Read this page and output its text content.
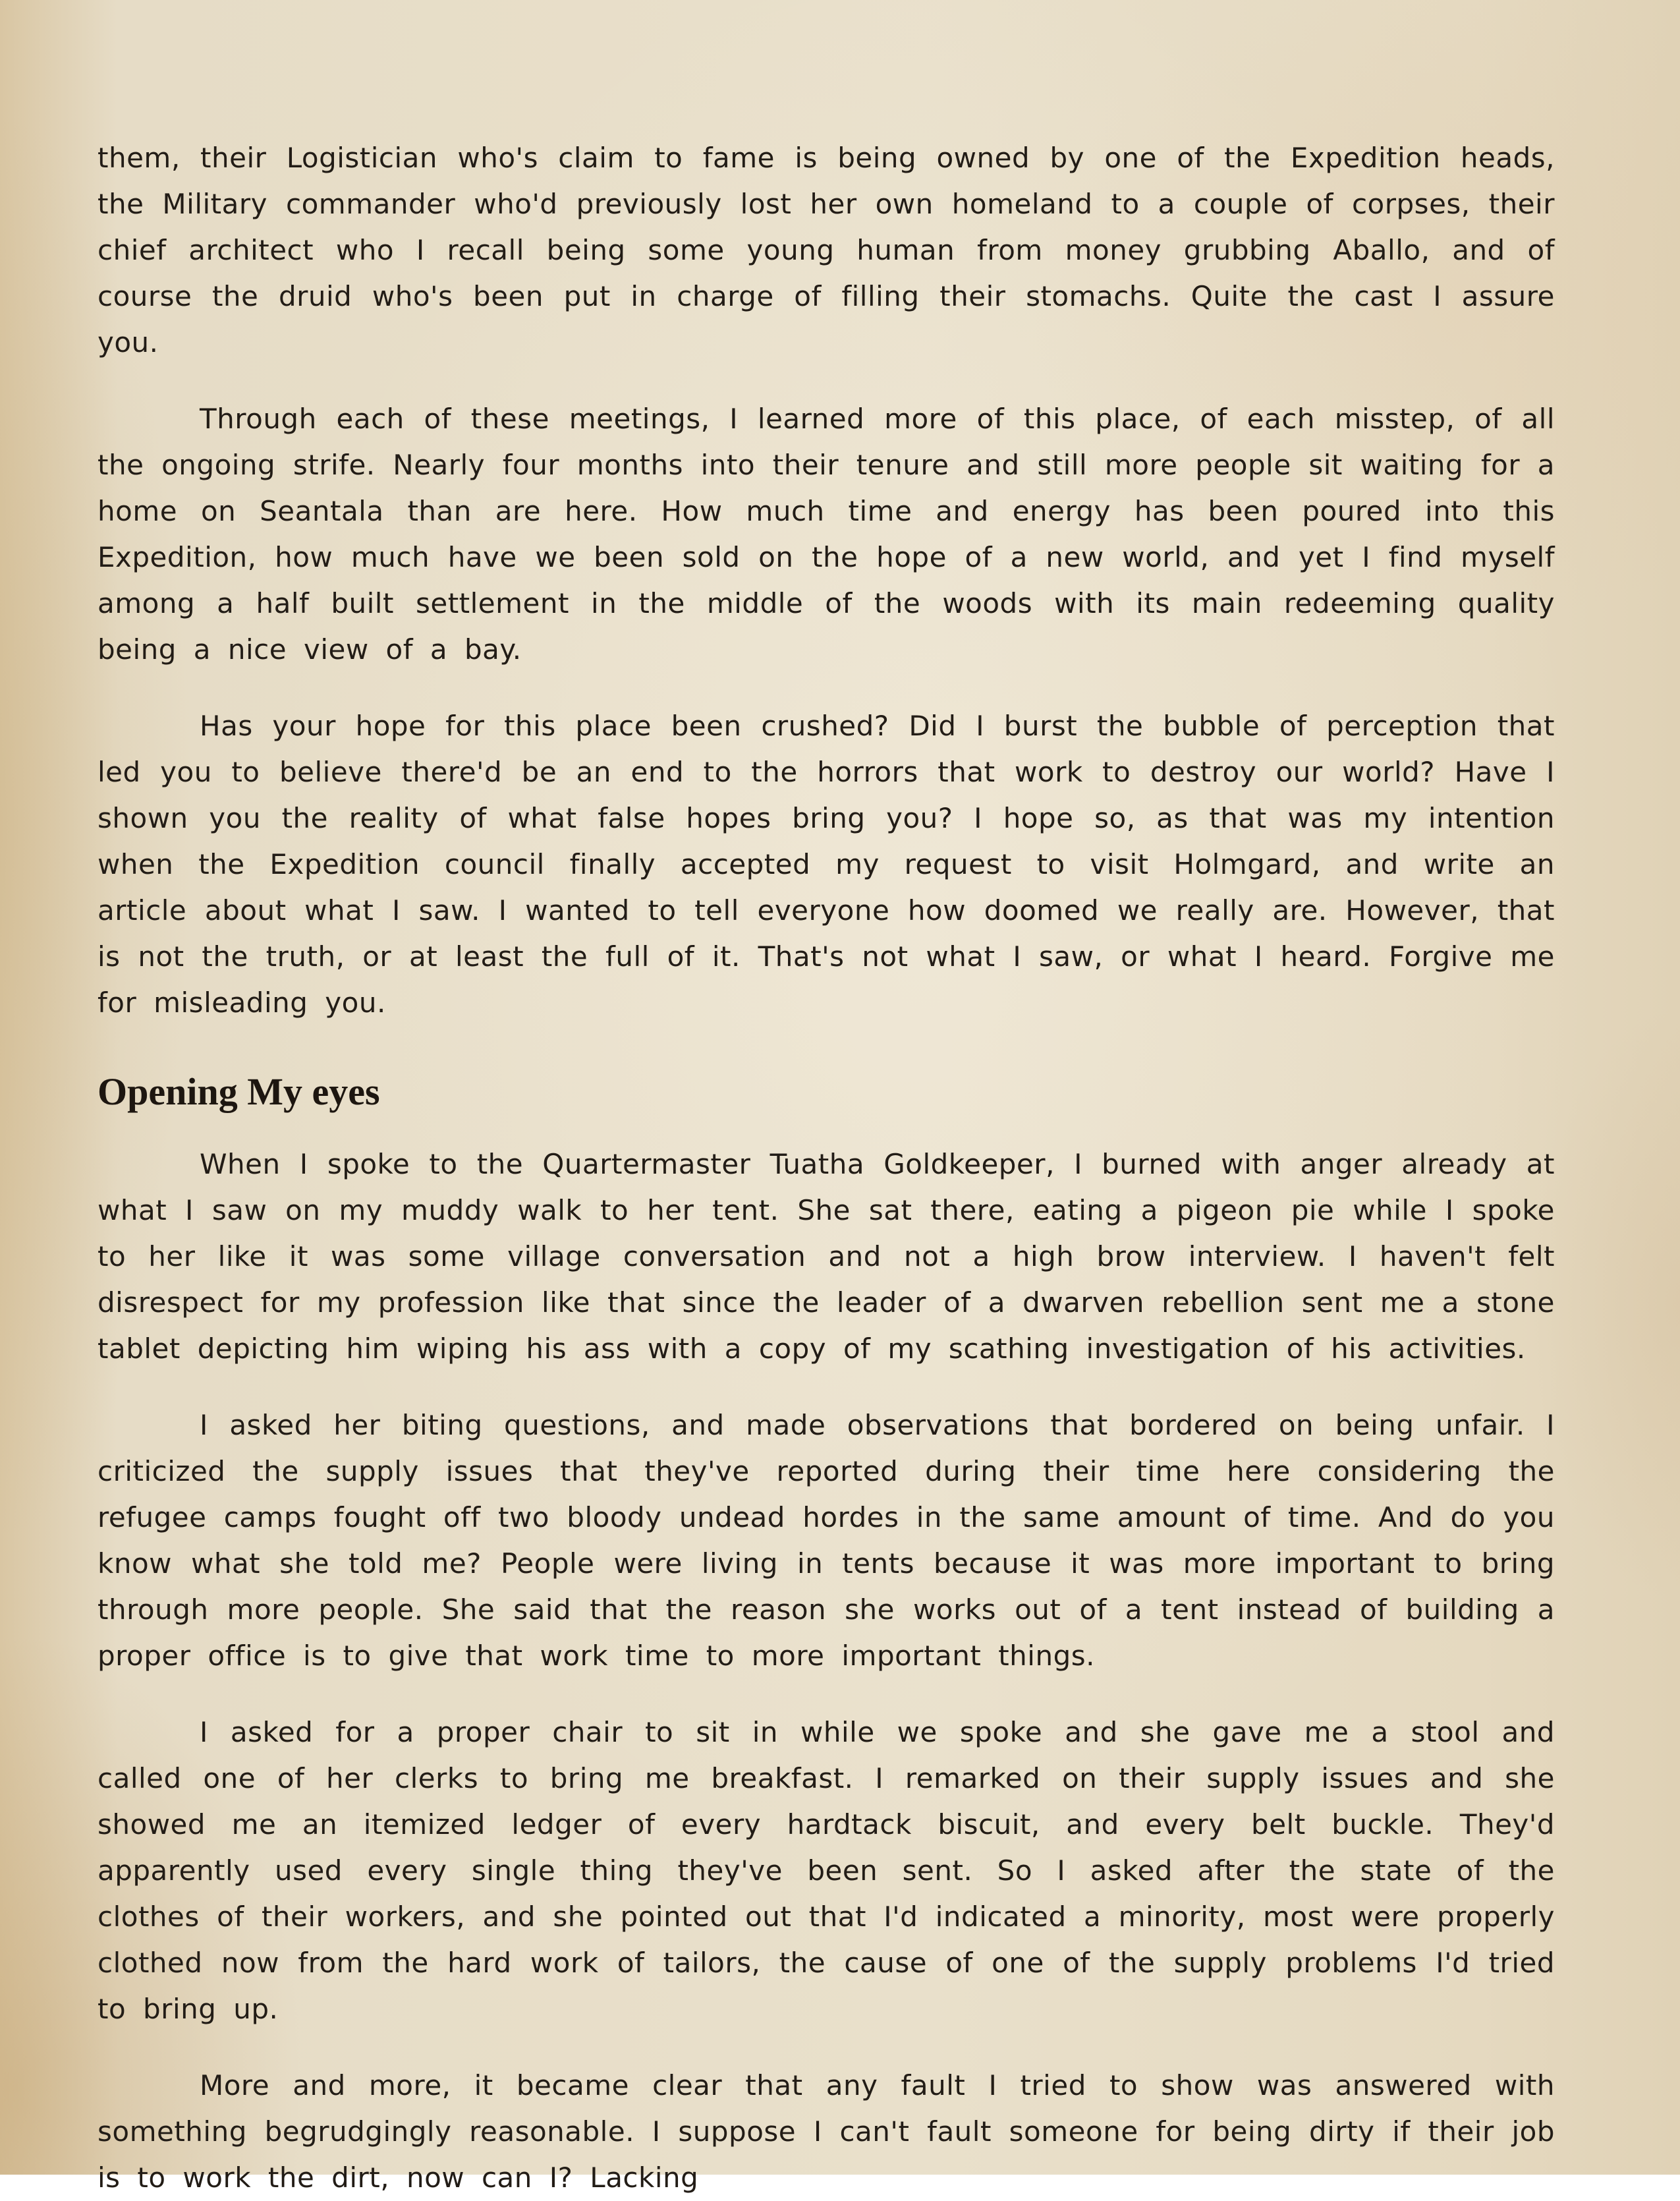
them, their Logistician who's claim to fame is being owned by one of the Expedition heads, the Military commander who'd previously lost her own homeland to a couple of corpses, their chief architect who I recall being some young human from money grubbing Aballo, and of course the druid who's been put in charge of filling their stomachs. Quite the cast I assure you.

Through each of these meetings, I learned more of this place, of each misstep, of all the ongoing strife. Nearly four months into their tenure and still more people sit waiting for a home on Seantala than are here. How much time and energy has been poured into this Expedition, how much have we been sold on the hope of a new world, and yet I find myself among a half built settlement in the middle of the woods with its main redeeming quality being a nice view of a bay.

Has your hope for this place been crushed? Did I burst the bubble of perception that led you to believe there'd be an end to the horrors that work to destroy our world? Have I shown you the reality of what false hopes bring you? I hope so, as that was my intention when the Expedition council finally accepted my request to visit Holmgard, and write an article about what I saw. I wanted to tell everyone how doomed we really are. However, that is not the truth, or at least the full of it. That's not what I saw, or what I heard. Forgive me for misleading you.

Opening My eyes

When I spoke to the Quartermaster Tuatha Goldkeeper, I burned with anger already at what I saw on my muddy walk to her tent. She sat there, eating a pigeon pie while I spoke to her like it was some village conversation and not a high brow interview. I haven't felt disrespect for my profession like that since the leader of a dwarven rebellion sent me a stone tablet depicting him wiping his ass with a copy of my scathing investigation of his activities.

I asked her biting questions, and made observations that bordered on being unfair. I criticized the supply issues that they've reported during their time here considering the refugee camps fought off two bloody undead hordes in the same amount of time. And do you know what she told me? People were living in tents because it was more important to bring through more people. She said that the reason she works out of a tent instead of building a proper office is to give that work time to more important things.

I asked for a proper chair to sit in while we spoke and she gave me a stool and called one of her clerks to bring me breakfast. I remarked on their supply issues and she showed me an itemized ledger of every hardtack biscuit, and every belt buckle. They'd apparently used every single thing they've been sent. So I asked after the state of the clothes of their workers, and she pointed out that I'd indicated a minority, most were properly clothed now from the hard work of tailors, the cause of one of the supply problems I'd tried to bring up.

More and more, it became clear that any fault I tried to show was answered with something begrudgingly reasonable. I suppose I can't fault someone for being dirty if their job is to work the dirt, now can I? Lacking
